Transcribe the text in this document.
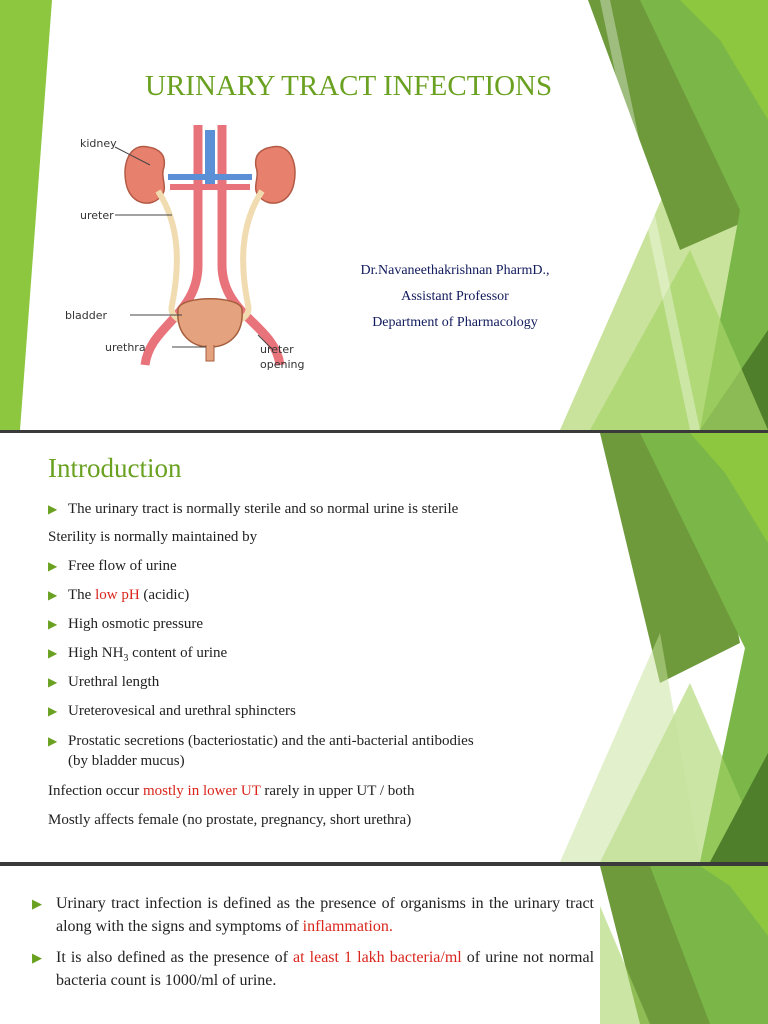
URINARY TRACT INFECTIONS
kidney
ureter
bladder
urethra	ureter
opening
Dr.Navaneethakrishnan PharmD.,
Assistant Professor
Department of Pharmacology
Introduction
▶ The urinary tract is normally sterile and so normal urine is sterile
Sterility is normally maintained by
▶ Free flow of urine
▶ The low pH (acidic)
▶ High osmotic pressure
▶ High $NH_3$ content of urine
▶ Urethral length
▶ Ureterovesical and urethral sphincters
▶ Prostatic secretions (bacteriostatic) and the anti-bacterial antibodies
(by bladder mucus)
Infection occur mostly in lower UT rarely in upper UT / both
Mostly affects female (no prostate, pregnancy, short urethra)

▶ Urinary tract infection is defined as the presence of organisms in the urinary tract along with the signs and symptoms of inflammation.

▶ It is also defined as the presence of at least 1 lakh bacteria/ml of urine not normal bacteria count is 1000/ml of urine.
